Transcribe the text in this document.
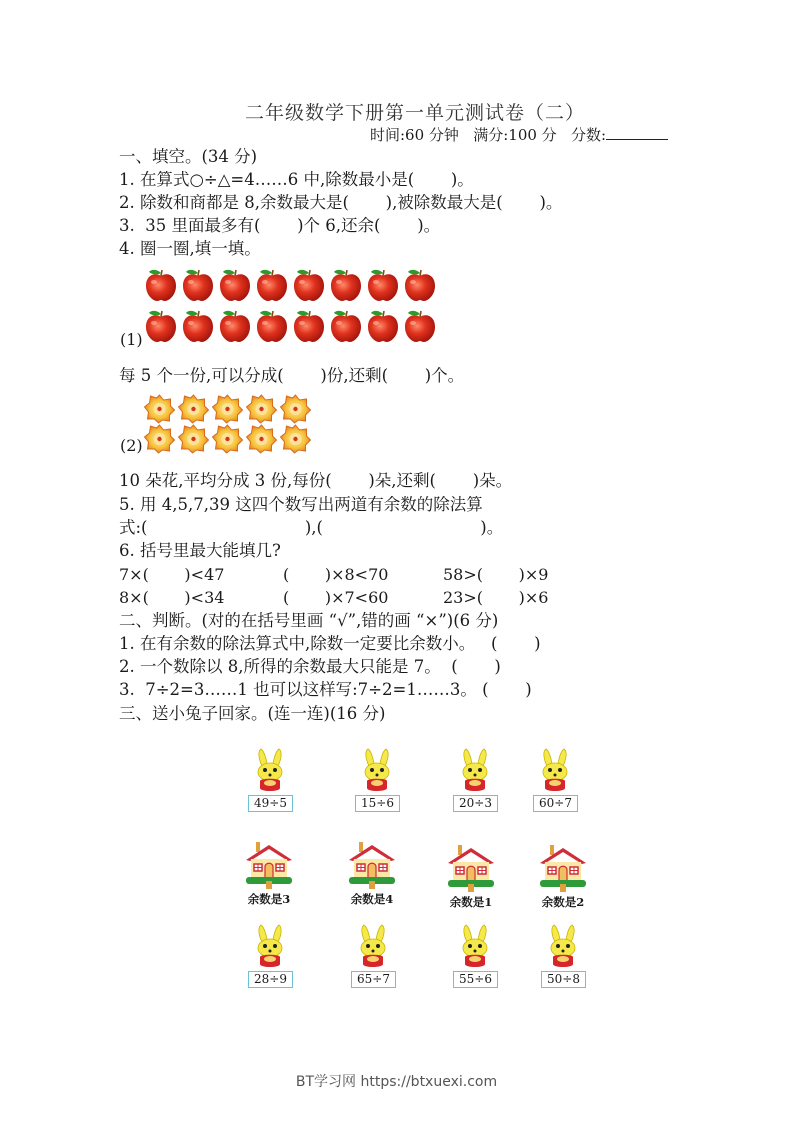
二年级数学下册第一单元测试卷（二）
时间:60 分钟 满分:100 分 分数:
一、填空。(34 分)
1. 在算式○÷△=4……6 中,除数最小是(       )。
2. 除数和商都是 8,余数最大是(       ),被除数最大是(       )。
3.  35 里面最多有(       )个 6,还余(       )。
4. 圈一圈,填一填。
(1)
每 5 个一份,可以分成(       )份,还剩(       )个。
(2)
10 朵花,平均分成 3 份,每份(       )朵,还剩(       )朵。
5. 用 4,5,7,39 这四个数写出两道有余数的除法算
式:(                              ),(                              )。
6. 括号里最大能填几?
7×(       )<47	(       )×8<70	58>(       )×9
8×(       )<34	(       )×7<60	23>(       )×6
二、判断。(对的在括号里画 “√”,错的画 “×”)(6 分)
1. 在有余数的除法算式中,除数一定要比余数小。   (       )
2. 一个数除以 8,所得的余数最大只能是 7。  (       )
3.  7÷2=3……1 也可以这样写:7÷2=1……3。 (       )
三、送小兔子回家。(连一连)(16 分)
49÷5	15÷6	20÷3	60÷7
余数是3	余数是4	余数是1	余数是2
28÷9	65÷7	55÷6	50÷8
BT学习网 https://btxuexi.com
